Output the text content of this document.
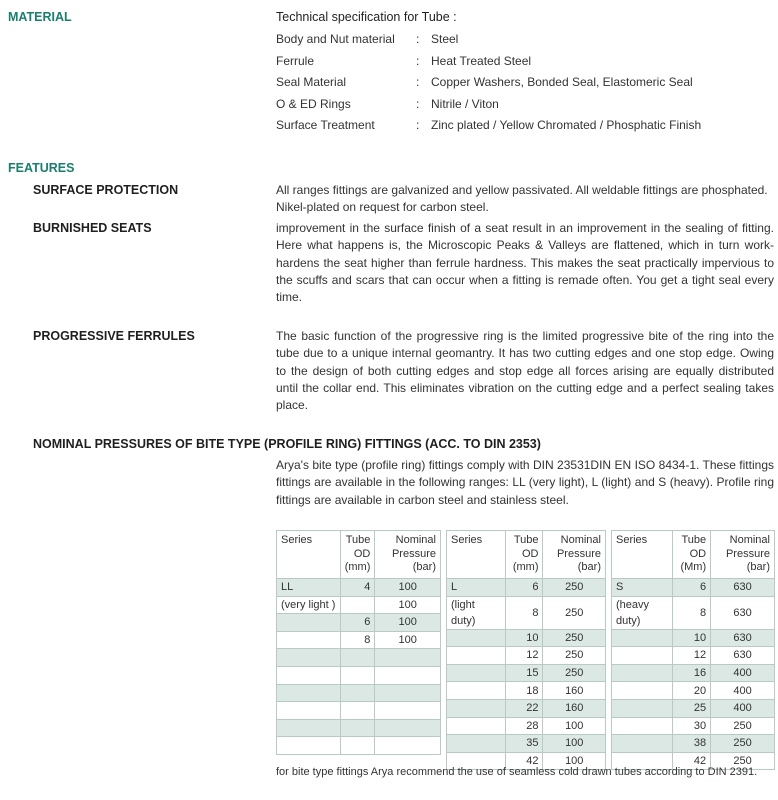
MATERIAL	Technical specification for Tube :
Body and Nut material : Steel
Ferrule	: Heat Treated Steel
Seal Material	: Copper Washers, Bonded Seal, Elastomeric Seal
O & ED Rings	: Nitrile / Viton
Surface Treatment	: Zinc plated / Yellow Chromated / Phosphatic Finish
FEATURES
SURFACE PROTECTION	All ranges fittings are galvanized and yellow passivated. All weldable fittings are phosphated. Nikel-plated on request for carbon steel.
BURNISHED SEATS	improvement in the surface finish of a seat result in an improvement in the sealing of fitting. Here what happens is, the Microscopic Peaks & Valleys are flattened, which in turn work-hardens the seat higher than ferrule hardness. This makes the seat practically impervious to the scuffs and scars that can occur when a fitting is remade often. You get a tight seal every time.
PROGRESSIVE FERRULES	The basic function of the progressive ring is the limited progressive bite of the ring into the tube due to a unique internal geomantry. It has two cutting edges and one stop edge. Owing to the design of both cutting edges and stop edge all forces arising are equally distributed until the collar end. This eliminates vibration on the cutting edge and a perfect sealing takes place.
NOMINAL PRESSURES OF BITE TYPE (PROFILE RING) FITTINGS (ACC. TO DIN 2353)
Arya's bite type (profile ring) fittings comply with DIN 23531DIN EN ISO 8434-1. These fittings fittings are available in the following ranges: LL (very light), L (light) and S (heavy). Profile ring fittings are available in carbon steel and stainless steel.
Series	Tube
OD
(mm)	Nominal
Pressure
(bar)
LL	4	100
(very light )		100
	6	100
	8	100

Series	Tube
OD
(mm)	Nominal
Pressure
(bar)
L	6	250
(light duty)	8	250
	10	250
	12	250
	15	250
	18	160
	22	160
	28	100
	35	100
	42	100
Series	Tube
OD
(Mm)	Nominal
Pressure
(bar)
S	6	630
(heavy duty)	8	630
	10	630
	12	630
	16	400
	20	400
	25	400
	30	250
	38	250
	42	250
for bite type fittings Arya recommend the use of seamless cold drawn tubes according to DIN 2391.
